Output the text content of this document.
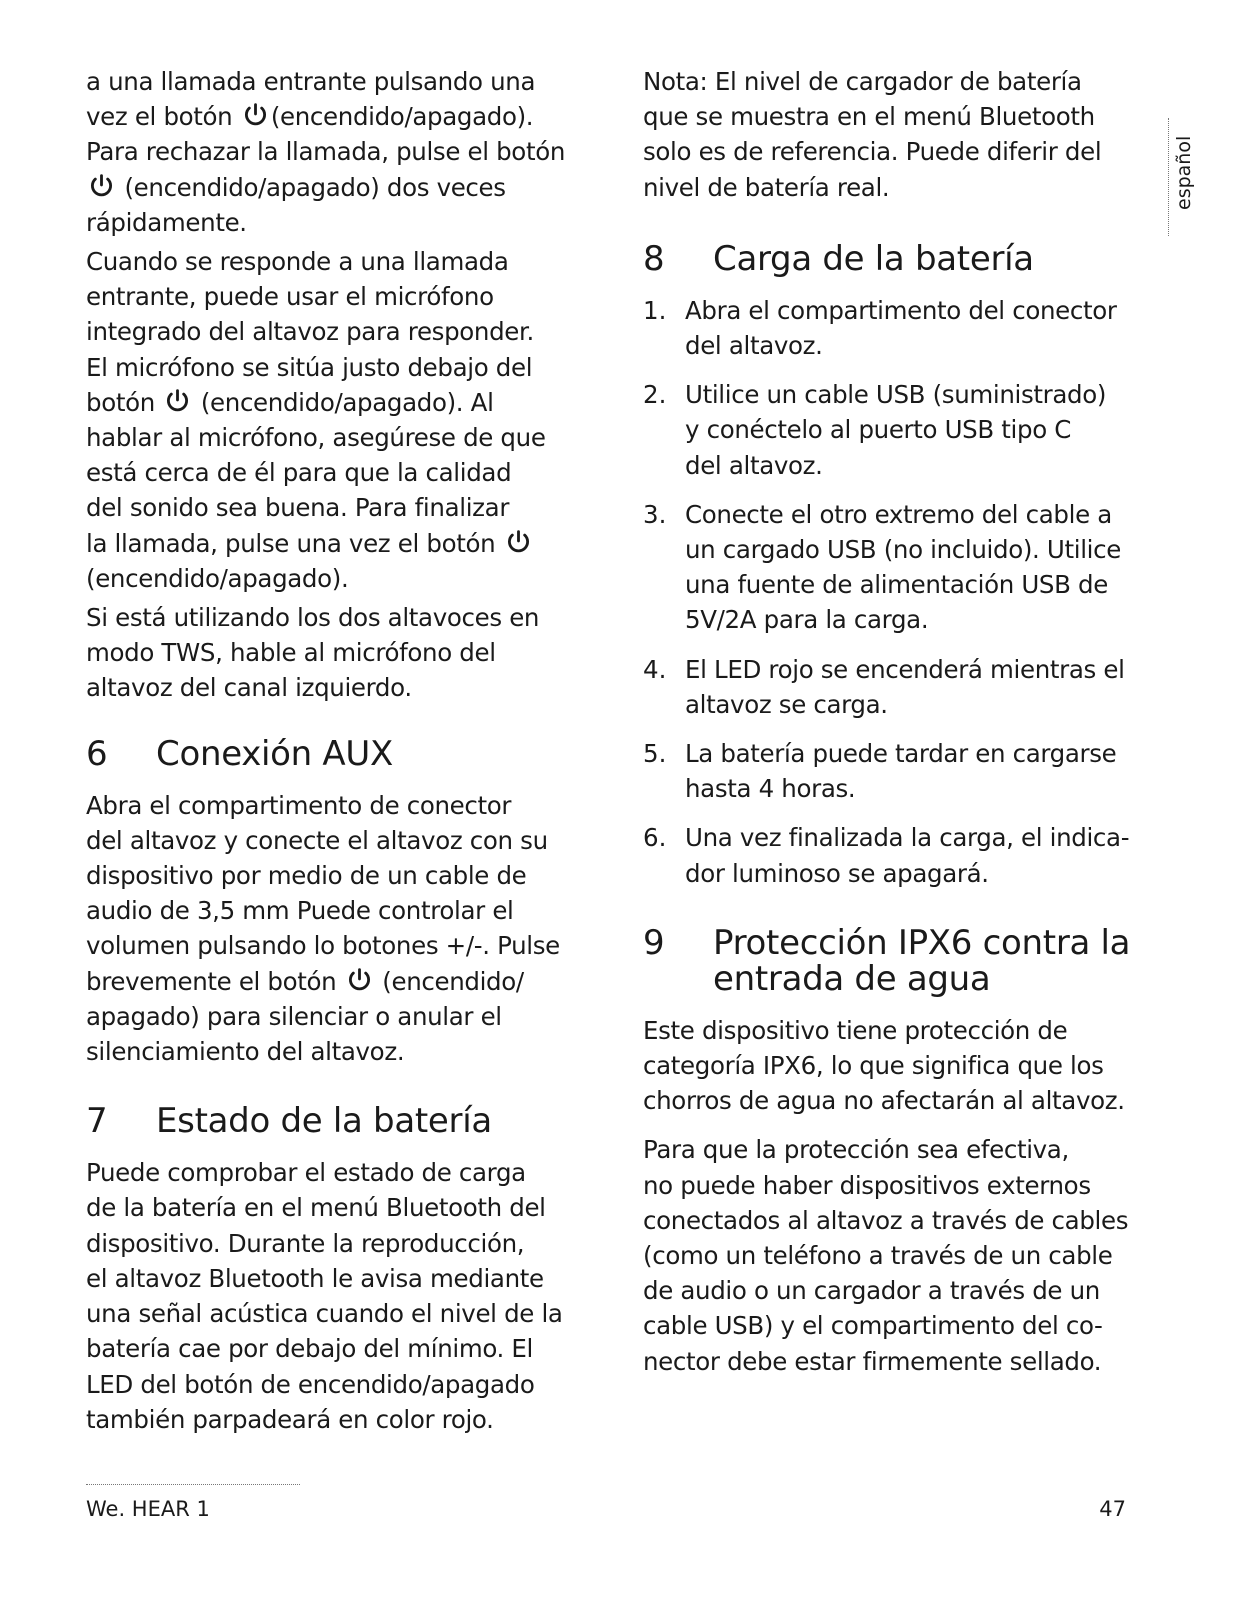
a una llamada entrante pulsando una
vez el botón (encendido/apagado).
Para rechazar la llamada, pulse el botón

(encendido/apagado) dos veces
rápidamente.

Cuando se responde a una llamada
entrante, puede usar el micrófono
integrado del altavoz para responder.
El micrófono se sitúa justo debajo del
botón (encendido/apagado). Al
hablar al micrófono, asegúrese de que
está cerca de él para que la calidad
del sonido sea buena. Para finalizar
la llamada, pulse una vez el botón

(encendido/apagado).

Si está utilizando los dos altavoces en
modo TWS, hable al micrófono del
altavoz del canal izquierdo.

6 Conexión AUX

Abra el compartimento de conector
del altavoz y conecte el altavoz con su
dispositivo por medio de un cable de
audio de 3,5 mm Puede controlar el
volumen pulsando lo botones +/-. Pulse
brevemente el botón (encendido/
apagado) para silenciar o anular el
silenciamiento del altavoz.

7 Estado de la batería

Puede comprobar el estado de carga
de la batería en el menú Bluetooth del
dispositivo. Durante la reproducción,
el altavoz Bluetooth le avisa mediante
una señal acústica cuando el nivel de la
batería cae por debajo del mínimo. El
LED del botón de encendido/apagado
también parpadeará en color rojo.

Nota: El nivel de cargador de batería
que se muestra en el menú Bluetooth
solo es de referencia. Puede diferir del
nivel de batería real.

8 Carga de la batería
1. Abra el compartimento del conector
del altavoz.

2. Utilice un cable USB (suministrado)
y conéctelo al puerto USB tipo C
del altavoz.

3. Conecte el otro extremo del cable a
un cargado USB (no incluido). Utilice
una fuente de alimentación USB de
5V/2A para la carga.

4. El LED rojo se encenderá mientras el
altavoz se carga.

5. La batería puede tardar en cargarse
hasta 4 horas.

6. Una vez finalizada la carga, el indica-
dor luminoso se apagará.

9 Protección IPX6 contra la
entrada de agua

Este dispositivo tiene protección de
categoría IPX6, lo que significa que los
chorros de agua no afectarán al altavoz.

Para que la protección sea efectiva,
no puede haber dispositivos externos
conectados al altavoz a través de cables
(como un teléfono a través de un cable
de audio o un cargador a través de un
cable USB) y el compartimento del co-
nector debe estar firmemente sellado.

español
We. HEAR 1	47
